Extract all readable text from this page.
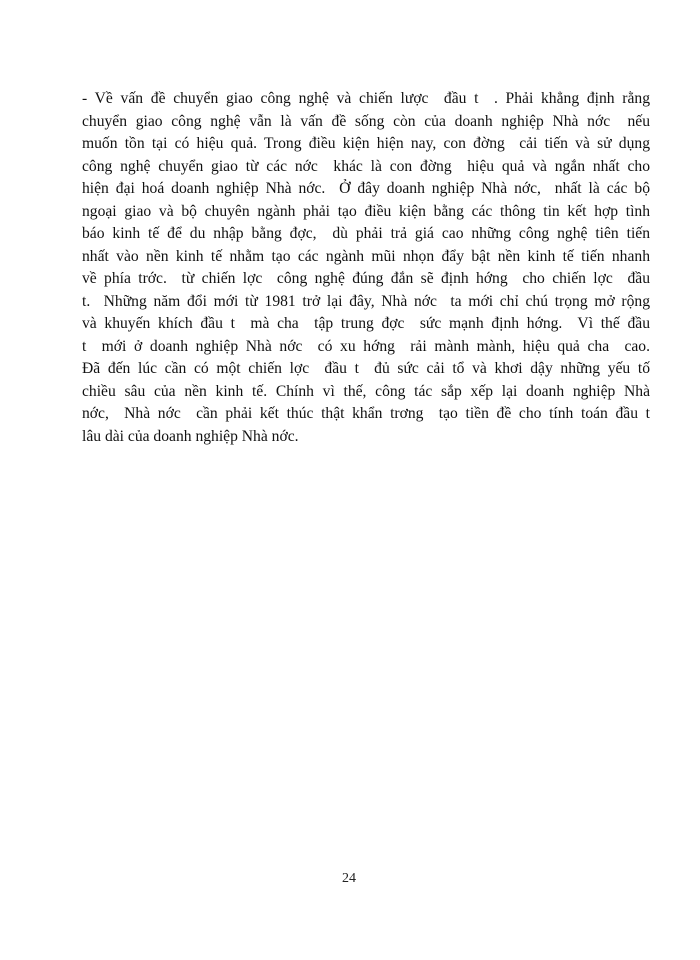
- Về vấn đề chuyển giao công nghệ và chiến lược  đầu t  . Phải khẳng định rằng
chuyển giao công nghệ vẫn là vấn đề sống còn của doanh nghiệp Nhà nớc  nếu
muốn tồn tại có hiệu quả. Trong điều kiện hiện nay, con đờng  cải tiến và sử dụng
công nghệ chuyển giao từ các nớc  khác là con đờng  hiệu quả và ngắn nhất cho
hiện đại hoá doanh nghiệp Nhà nớc.  Ở đây doanh nghiệp Nhà nớc,  nhất là các bộ
ngoại giao và bộ chuyên ngành phải tạo điều kiện bằng các thông tin kết hợp tình
báo kinh tế để du nhập bằng đợc,  dù phải trả giá cao những công nghệ tiên tiến
nhất vào nền kinh tế nhằm tạo các ngành mũi nhọn đẩy bật nền kinh tế tiến nhanh
về phía trớc.  từ chiến lợc  công nghệ đúng đắn sẽ định hớng  cho chiến lợc  đầu
t.  Những năm đổi mới từ 1981 trở lại đây, Nhà nớc  ta mới chỉ chú trọng mở rộng
và khuyến khích đầu t  mà cha  tập trung đợc  sức mạnh định hớng.  Vì thế đầu
t  mới ở doanh nghiệp Nhà nớc  có xu hớng  rải mành mành, hiệu quả cha  cao.
Đã đến lúc cần có một chiến lợc  đầu t  đủ sức cải tổ và khơi dậy những yếu tố
chiều sâu của nền kinh tế. Chính vì thế, công tác sắp xếp lại doanh nghiệp Nhà
nớc,  Nhà nớc  cần phải kết thúc thật khẩn trơng  tạo tiền đề cho tính toán đầu t
lâu dài của doanh nghiệp Nhà nớc.
24
